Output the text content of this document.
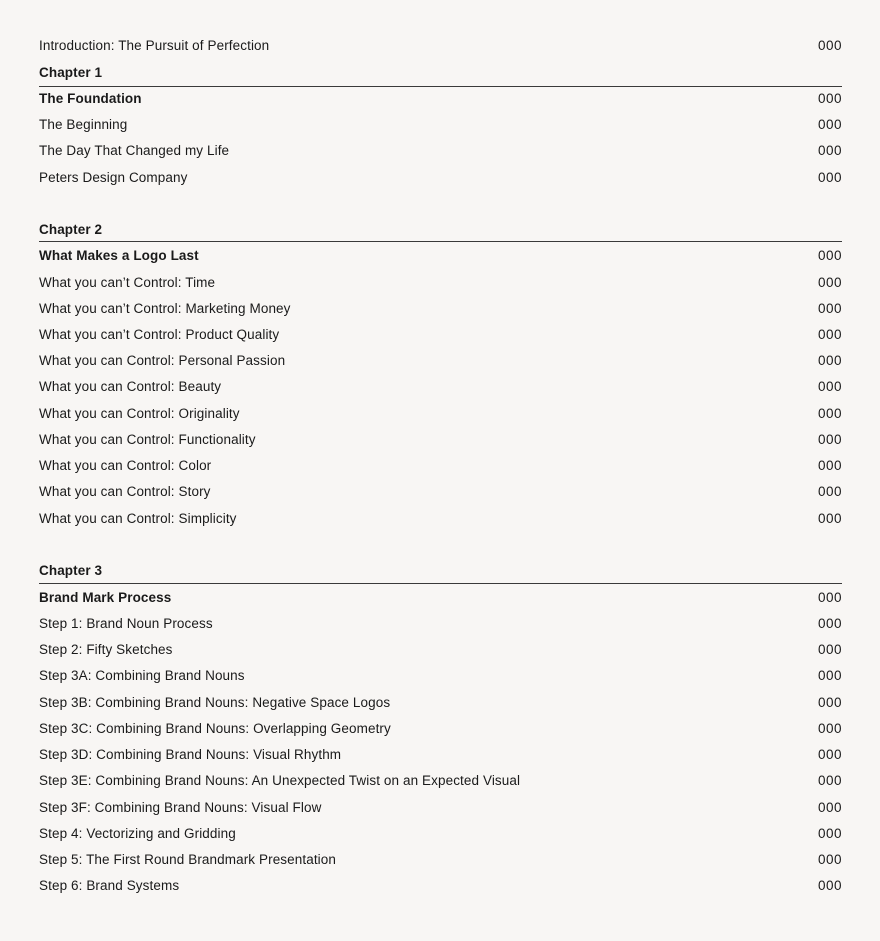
Introduction: The Pursuit of Perfection	000
Chapter 1
The Foundation	000
The Beginning	000
The Day That Changed my Life	000
Peters Design Company	000
Chapter 2
What Makes a Logo Last	000
What you can’t Control: Time	000
What you can’t Control: Marketing Money	000
What you can’t Control: Product Quality	000
What you can Control: Personal Passion	000
What you can Control: Beauty	000
What you can Control: Originality	000
What you can Control: Functionality	000
What you can Control: Color	000
What you can Control: Story	000
What you can Control: Simplicity	000
Chapter 3
Brand Mark Process	000
Step 1: Brand Noun Process	000
Step 2: Fifty Sketches	000
Step 3A: Combining Brand Nouns	000
Step 3B: Combining Brand Nouns: Negative Space Logos	000
Step 3C: Combining Brand Nouns: Overlapping Geometry	000
Step 3D: Combining Brand Nouns: Visual Rhythm	000
Step 3E: Combining Brand Nouns: An Unexpected Twist on an Expected Visual	000
Step 3F: Combining Brand Nouns: Visual Flow	000
Step 4: Vectorizing and Gridding	000
Step 5: The First Round Brandmark Presentation	000
Step 6: Brand Systems	000
